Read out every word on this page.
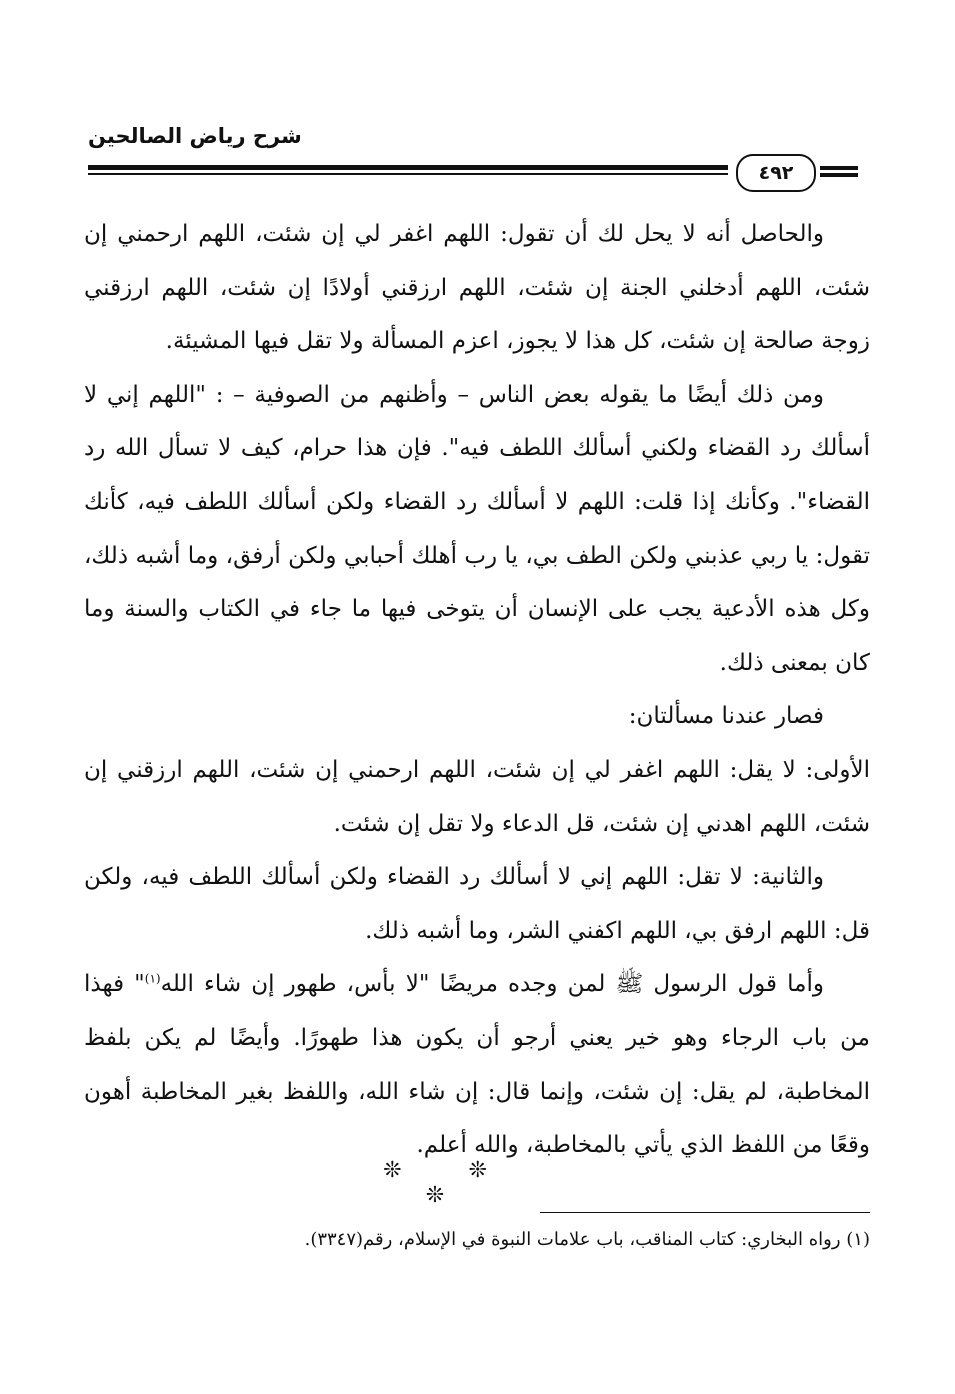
شرح رياض الصالحين
٤٩٢

والحاصل أنه لا يحل لك أن تقول: اللهم اغفر لي إن شئت، اللهم ارحمني إن شئت، اللهم أدخلني الجنة إن شئت، اللهم ارزقني أولادًا إن شئت، اللهم ارزقني زوجة صالحة إن شئت، كل هذا لا يجوز، اعزم المسألة ولا تقل فيها المشيئة.

ومن ذلك أيضًا ما يقوله بعض الناس – وأظنهم من الصوفية – : "اللهم إني لا أسألك رد القضاء ولكني أسألك اللطف فيه". فإن هذا حرام، كيف لا تسأل الله رد القضاء". وكأنك إذا قلت: اللهم لا أسألك رد القضاء ولكن أسألك اللطف فيه، كأنك تقول: يا ربي عذبني ولكن الطف بي، يا رب أهلك أحبابي ولكن أرفق، وما أشبه ذلك، وكل هذه الأدعية يجب على الإنسان أن يتوخى فيها ما جاء في الكتاب والسنة وما كان بمعنى ذلك.

فصار عندنا مسألتان:

الأولى: لا يقل: اللهم اغفر لي إن شئت، اللهم ارحمني إن شئت، اللهم ارزقني إن شئت، اللهم اهدني إن شئت، قل الدعاء ولا تقل إن شئت.

والثانية: لا تقل: اللهم إني لا أسألك رد القضاء ولكن أسألك اللطف فيه، ولكن قل: اللهم ارفق بي، اللهم اكفني الشر، وما أشبه ذلك.

وأما قول الرسول ﷺ لمن وجده مريضًا "لا بأس، طهور إن شاء الله$^{(١)}$" فهذا من باب الرجاء وهو خير يعني أرجو أن يكون هذا طهورًا. وأيضًا لم يكن بلفظ المخاطبة، لم يقل: إن شئت، وإنما قال: إن شاء الله، واللفظ بغير المخاطبة أهون وقعًا من اللفظ الذي يأتي بالمخاطبة، والله أعلم.

❊ ❊ ❊
(١) رواه البخاري: كتاب المناقب، باب علامات النبوة في الإسلام، رقم(٣٣٤٧).
